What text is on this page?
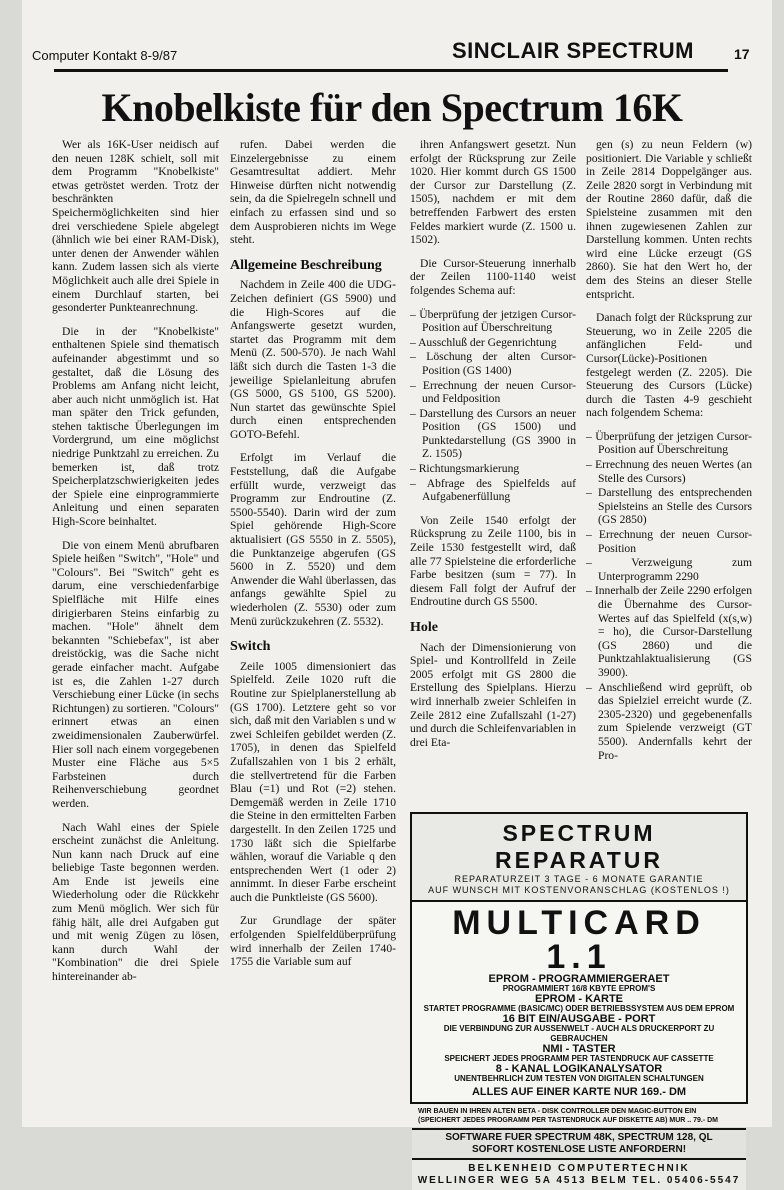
Computer Kontakt 8-9/87	SINCLAIR SPECTRUM	17
Knobelkiste für den Spectrum 16K

Wer als 16K-User neidisch auf den neuen 128K schielt, soll mit dem Programm "Knobelkiste" etwas getröstet werden. Trotz der beschränkten Speichermöglichkeiten sind hier drei verschiedene Spiele abgelegt (ähnlich wie bei einer RAM-Disk), unter denen der Anwender wählen kann. Zudem lassen sich als vierte Möglichkeit auch alle drei Spiele in einem Durchlauf starten, bei gesonderter Punkteanrechnung.

Die in der "Knobelkiste" enthaltenen Spiele sind thematisch aufeinander abgestimmt und so gestaltet, daß die Lösung des Problems am Anfang nicht leicht, aber auch nicht unmöglich ist. Hat man später den Trick gefunden, stehen taktische Überlegungen im Vordergrund, um eine möglichst niedrige Punktzahl zu erreichen. Zu bemerken ist, daß trotz Speicherplatzschwierigkeiten jedes der Spiele eine einprogrammierte Anleitung und einen separaten High-Score beinhaltet.

Die von einem Menü abrufbaren Spiele heißen "Switch", "Hole" und "Colours". Bei "Switch" geht es darum, eine verschiedenfarbige Spielfläche mit Hilfe eines dirigierbaren Steins einfarbig zu machen. "Hole" ähnelt dem bekannten "Schiebefax", ist aber dreistöckig, was die Sache nicht gerade einfacher macht. Aufgabe ist es, die Zahlen 1-27 durch Verschiebung einer Lücke (in sechs Richtungen) zu sortieren. "Colours" erinnert etwas an einen zweidimensionalen Zauberwürfel. Hier soll nach einem vorgegebenen Muster eine Fläche aus 5×5 Farbsteinen durch Reihenverschiebung geordnet werden.

Nach Wahl eines der Spiele erscheint zunächst die Anleitung. Nun kann nach Druck auf eine beliebige Taste begonnen werden. Am Ende ist jeweils eine Wiederholung oder die Rückkehr zum Menü möglich. Wer sich für fähig hält, alle drei Aufgaben gut und mit wenig Zügen zu lösen, kann durch Wahl der "Kombination" die drei Spiele hintereinander ab-

rufen. Dabei werden die Einzelergebnisse zu einem Gesamtresultat addiert. Mehr Hinweise dürften nicht notwendig sein, da die Spielregeln schnell und einfach zu erfassen sind und so dem Ausprobieren nichts im Wege steht.

Allgemeine Beschreibung

Nachdem in Zeile 400 die UDG-Zeichen definiert (GS 5900) und die High-Scores auf die Anfangswerte gesetzt wurden, startet das Programm mit dem Menü (Z. 500-570). Je nach Wahl läßt sich durch die Tasten 1-3 die jeweilige Spielanleitung abrufen (GS 5000, GS 5100, GS 5200). Nun startet das gewünschte Spiel durch einen entsprechenden GOTO-Befehl.

Erfolgt im Verlauf die Feststellung, daß die Aufgabe erfüllt wurde, verzweigt das Programm zur Endroutine (Z. 5500-5540). Darin wird der zum Spiel gehörende High-Score aktualisiert (GS 5550 in Z. 5505), die Punktanzeige abgerufen (GS 5600 in Z. 5520) und dem Anwender die Wahl überlassen, das anfangs gewählte Spiel zu wiederholen (Z. 5530) oder zum Menü zurückzukehren (Z. 5532).

Switch

Zeile 1005 dimensioniert das Spielfeld. Zeile 1020 ruft die Routine zur Spielplanerstellung ab (GS 1700). Letztere geht so vor sich, daß mit den Variablen s und w zwei Schleifen gebildet werden (Z. 1705), in denen das Spielfeld Zufallszahlen von 1 bis 2 erhält, die stellvertretend für die Farben Blau (=1) und Rot (=2) stehen. Demgemäß werden in Zeile 1710 die Steine in den ermittelten Farben dargestellt. In den Zeilen 1725 und 1730 läßt sich die Spielfarbe wählen, worauf die Variable q den entsprechenden Wert (1 oder 2) annimmt. In dieser Farbe erscheint auch die Punktleiste (GS 5600).

Zur Grundlage der später erfolgenden Spielfeldüberprüfung wird innerhalb der Zeilen 1740-1755 die Variable sum auf

ihren Anfangswert gesetzt. Nun erfolgt der Rücksprung zur Zeile 1020. Hier kommt durch GS 1500 der Cursor zur Darstellung (Z. 1505), nachdem er mit dem betreffenden Farbwert des ersten Feldes markiert wurde (Z. 1500 u. 1502).

Die Cursor-Steuerung innerhalb der Zeilen 1100-1140 weist folgendes Schema auf:

– Überprüfung der jetzigen Cursor-Position auf Überschreitung
– Ausschluß der Gegenrichtung
– Löschung der alten Cursor-Position (GS 1400)
– Errechnung der neuen Cursor- und Feldposition
– Darstellung des Cursors an neuer Position (GS 1500) und Punktedarstellung (GS 3900 in Z. 1505)
– Richtungsmarkierung
– Abfrage des Spielfelds auf Aufgabenerfüllung

Von Zeile 1540 erfolgt der Rücksprung zu Zeile 1100, bis in Zeile 1530 festgestellt wird, daß alle 77 Spielsteine die erforderliche Farbe besitzen (sum = 77). In diesem Fall folgt der Aufruf der Endroutine durch GS 5500.

Hole

Nach der Dimensionierung von Spiel- und Kontrollfeld in Zeile 2005 erfolgt mit GS 2800 die Erstellung des Spielplans. Hierzu wird innerhalb zweier Schleifen in Zeile 2812 eine Zufallszahl (1-27) und durch die Schleifenvariablen in drei Eta-

gen (s) zu neun Feldern (w) positioniert. Die Variable y schließt in Zeile 2814 Doppelgänger aus. Zeile 2820 sorgt in Verbindung mit der Routine 2860 dafür, daß die Spielsteine zusammen mit den ihnen zugewiesenen Zahlen zur Darstellung kommen. Unten rechts wird eine Lücke erzeugt (GS 2860). Sie hat den Wert ho, der dem des Steins an dieser Stelle entspricht.

Danach folgt der Rücksprung zur Steuerung, wo in Zeile 2205 die anfänglichen Feld- und Cursor(Lücke)-Positionen festgelegt werden (Z. 2205). Die Steuerung des Cursors (Lücke) durch die Tasten 4-9 geschieht nach folgendem Schema:

– Überprüfung der jetzigen Cursor-Position auf Überschreitung
– Errechnung des neuen Wertes (an Stelle des Cursors)
– Darstellung des entsprechenden Spielsteins an Stelle des Cursors (GS 2850)
– Errechnung der neuen Cursor-Position
– Verzweigung zum Unterprogramm 2290
– Innerhalb der Zeile 2290 erfolgen die Übernahme des Cursor-Wertes auf das Spielfeld (x(s,w) = ho), die Cursor-Darstellung (GS 2860) und die Punktzahlaktualisierung (GS 3900).
– Anschließend wird geprüft, ob das Spielziel erreicht wurde (Z. 2305-2320) und gegebenenfalls zum Spielende verzweigt (GT 5500). Andernfalls kehrt der Pro-
SPECTRUM REPARATUR
REPARATURZEIT 3 TAGE - 6 MONATE GARANTIE
AUF WUNSCH MIT KOSTENVORANSCHLAG (KOSTENLOS !)
MULTICARD 1.1
EPROM - PROGRAMMIERGERAET
PROGRAMMIERT 16/8 KBYTE EPROM'S
EPROM - KARTE
STARTET PROGRAMME (BASIC/MC) ODER BETRIEBSSYSTEM AUS DEM EPROM
16 BIT EIN/AUSGABE - PORT
DIE VERBINDUNG ZUR AUSSENWELT - AUCH ALS DRUCKERPORT ZU GEBRAUCHEN
NMI - TASTER
SPEICHERT JEDES PROGRAMM PER TASTENDRUCK AUF CASSETTE
8 - KANAL LOGIKANALYSATOR
UNENTBEHRLICH ZUM TESTEN VON DIGITALEN SCHALTUNGEN
ALLES AUF EINER KARTE NUR 169.- DM
WIR BAUEN IN IHREN ALTEN BETA - DISK CONTROLLER DEN MAGIC-BUTTON EIN (SPEICHERT JEDES PROGRAMM PER TASTENDRUCK AUF DISKETTE AB) MUR .. 79.- DM
SOFTWARE FUER SPECTRUM 48K, SPECTRUM 128, QL
SOFORT KOSTENLOSE LISTE ANFORDERN!
BELKENHEID COMPUTERTECHNIK
WELLINGER WEG 5A 4513 BELM TEL. 05406-5547
